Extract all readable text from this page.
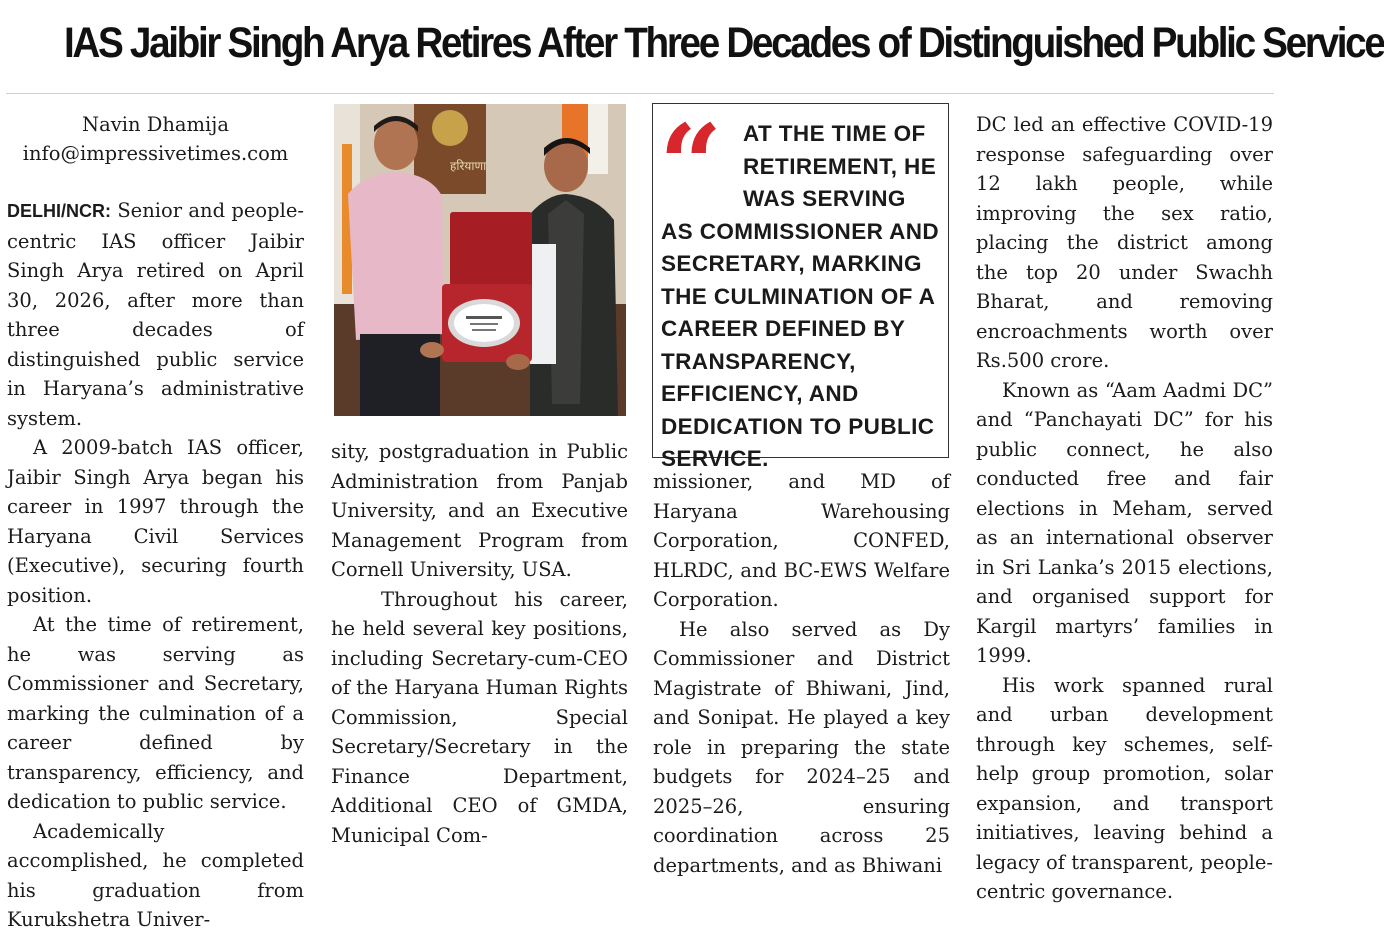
IAS Jaibir Singh Arya Retires After Three Decades of Distinguished Public Service
Navin Dhamija
info@impressivetimes.com

DELHI/NCR: Senior and people-centric IAS officer Jaibir Singh Arya retired on April 30, 2026, after more than three decades of distinguished public service in Haryana’s administrative system.

A 2009-batch IAS officer, Jaibir Singh Arya began his career in 1997 through the Haryana Civil Services (Executive), securing fourth position.

At the time of retirement, he was serving as Commissioner and Secretary, marking the culmination of a career defined by transparency, efficiency, and dedication to public service.

Academically accomplished, he completed his graduation from Kurukshetra Univer-

हरियाणा

sity, postgraduation in Public Administration from Panjab University, and an Executive Management Program from Cornell University, USA.

Throughout his career, he held several key positions, including Secretary-cum-CEO of the Haryana Human Rights Commission, Special Secretary/Secretary in the Finance Department, Additional CEO of GMDA, Municipal Com-

“ AT THE TIME OF RETIREMENT, HE WAS SERVING AS COMMISSIONER AND SECRETARY, MARKING THE CULMINATION OF A CAREER DEFINED BY TRANSPARENCY, EFFICIENCY, AND DEDICATION TO PUBLIC SERVICE.

missioner, and MD of Haryana Warehousing Corporation, CONFED, HLRDC, and BC-EWS Welfare Corporation.

He also served as Dy Commissioner and District Magistrate of Bhiwani, Jind, and Sonipat. He played a key role in preparing the state budgets for 2024–25 and 2025–26, ensuring coordination across 25 departments, and as Bhiwani

DC led an effective COVID-19 response safeguarding over 12 lakh people, while improving the sex ratio, placing the district among the top 20 under Swachh Bharat, and removing encroachments worth over Rs.500 crore.

Known as “Aam Aadmi DC” and “Panchayati DC” for his public connect, he also conducted free and fair elections in Meham, served as an international observer in Sri Lanka’s 2015 elections, and organised support for Kargil martyrs’ families in 1999.

His work spanned rural and urban development through key schemes, self-help group promotion, solar expansion, and transport initiatives, leaving behind a legacy of transparent, people-centric governance.
